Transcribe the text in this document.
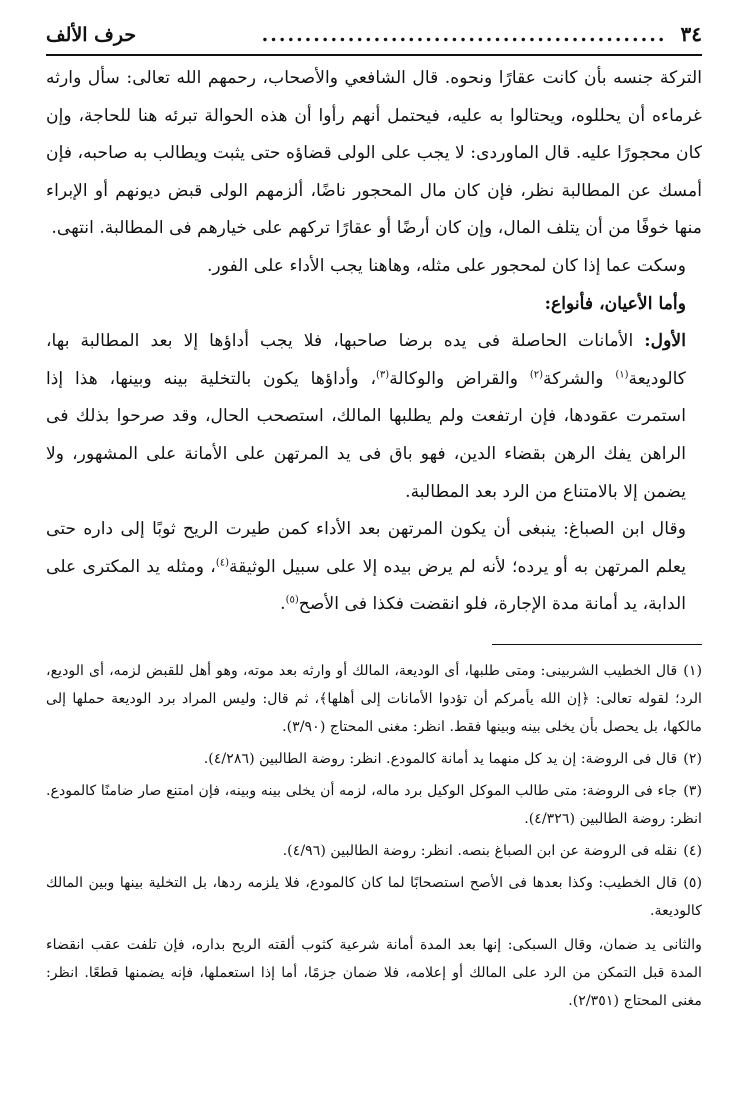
٣٤
...............................................
حرف الألف

التركة جنسه بأن كانت عقارًا ونحوه. قال الشافعي والأصحاب، رحمهم الله تعالى: سأل وارثه غرماءه أن يحللوه، ويحتالوا به عليه، فيحتمل أنهم رأوا أن هذه الحوالة تبرئه هنا للحاجة، وإن كان محجورًا عليه. قال الماوردى: لا يجب على الولى قضاؤه حتى يثبت ويطالب به صاحبه، فإن أمسك عن المطالبة نظر، فإن كان مال المحجور ناضًا، ألزمهم الولى قبض ديونهم أو الإبراء منها خوفًا من أن يتلف المال، وإن كان أرضًا أو عقارًا تركهم على خيارهم فى المطالبة. انتهى.

وسكت عما إذا كان لمحجور على مثله، وهاهنا يجب الأداء على الفور.

وأما الأعيان، فأنواع:

الأول: الأمانات الحاصلة فى يده برضا صاحبها، فلا يجب أداؤها إلا بعد المطالبة بها، كالوديعة$^{(١)}$ والشركة$^{(٢)}$ والقراض والوكالة$^{(٣)}$، وأداؤها يكون بالتخلية بينه وبينها، هذا إذا استمرت عقودها، فإن ارتفعت ولم يطلبها المالك، استصحب الحال، وقد صرحوا بذلك فى الراهن يفك الرهن بقضاء الدين، فهو باق فى يد المرتهن على الأمانة على المشهور، ولا يضمن إلا بالامتناع من الرد بعد المطالبة.

وقال ابن الصباغ: ينبغى أن يكون المرتهن بعد الأداء كمن طيرت الريح ثوبًا إلى داره حتى يعلم المرتهن به أو يرده؛ لأنه لم يرض بيده إلا على سبيل الوثيقة$^{(٤)}$، ومثله يد المكترى على الدابة، يد أمانة مدة الإجارة، فلو انقضت فكذا فى الأصح$^{(٥)}$.

(١)قال الخطيب الشربينى: ومتى طلبها، أى الوديعة، المالك أو وارثه بعد موته، وهو أهل للقبض لزمه، أى الوديع، الرد؛ لقوله تعالى: ﴿إن الله يأمركم أن تؤدوا الأمانات إلى أهلها﴾، ثم قال: وليس المراد برد الوديعة حملها إلى مالكها، بل يحصل بأن يخلى بينه وبينها فقط. انظر: مغنى المحتاج (٣/٩٠).

(٢)قال فى الروضة: إن يد كل منهما يد أمانة كالمودع. انظر: روضة الطالبين (٤/٢٨٦).

(٣)جاء فى الروضة: متى طالب الموكل الوكيل برد ماله، لزمه أن يخلى بينه وبينه، فإن امتنع صار ضامنًا كالمودع. انظر: روضة الطالبين (٤/٣٢٦).

(٤)نقله فى الروضة عن ابن الصباغ بنصه. انظر: روضة الطالبين (٤/٩٦).

(٥)قال الخطيب: وكذا بعدها فى الأصح استصحابًا لما كان كالمودع، فلا يلزمه ردها، بل التخلية بينها وبين المالك كالوديعة.

والثانى يد ضمان، وقال السبكى: إنها بعد المدة أمانة شرعية كثوب ألقته الريح بداره، فإن تلفت عقب انقضاء المدة قبل التمكن من الرد على المالك أو إعلامه، فلا ضمان جزمًا، أما إذا استعملها، فإنه يضمنها قطعًا. انظر: مغنى المحتاج (٢/٣٥١).
